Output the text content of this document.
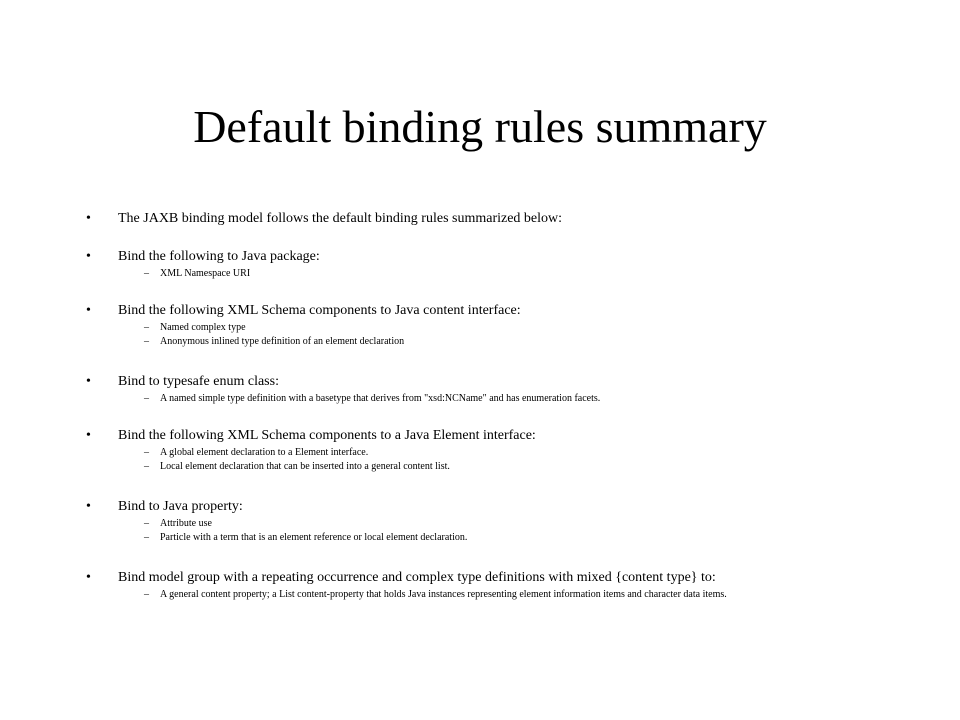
Default binding rules summary
• The JAXB binding model follows the default binding rules summarized below:
• Bind the following to Java package:
– XML Namespace URI
• Bind the following XML Schema components to Java content interface:
– Named complex type
– Anonymous inlined type definition of an element declaration
• Bind to typesafe enum class:
– A named simple type definition with a basetype that derives from "xsd:NCName" and has enumeration facets.
• Bind the following XML Schema components to a Java Element interface:
– A global element declaration to a Element interface.
– Local element declaration that can be inserted into a general content list.
• Bind to Java property:
– Attribute use
– Particle with a term that is an element reference or local element declaration.
• Bind model group with a repeating occurrence and complex type definitions with mixed {content type} to:
– A general content property; a List content-property that holds Java instances representing element information items and character data items.
